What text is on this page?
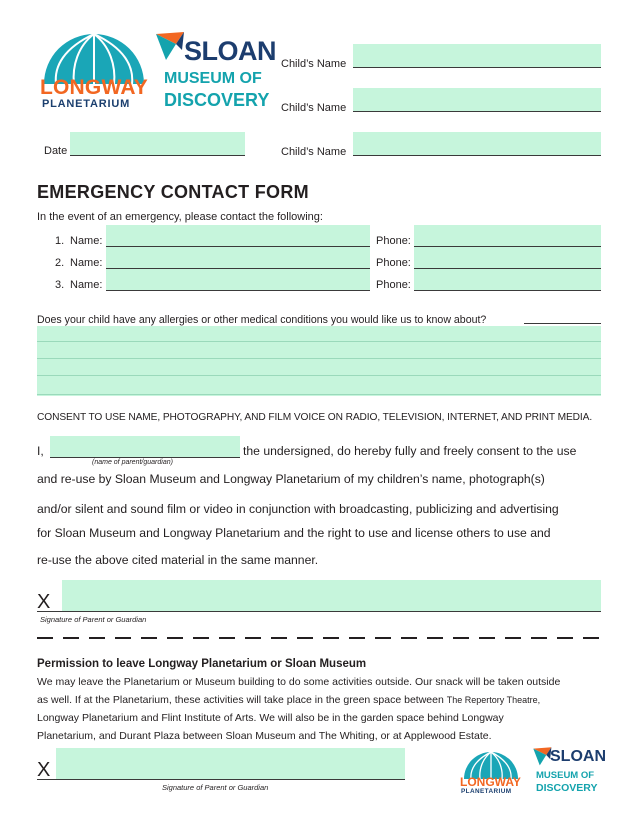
LONGWAY
PLANETARIUM
SLOAN
MUSEUM OF
DISCOVERY
Child’s Name
Child’s Name
Date	Child’s Name
EMERGENCY CONTACT FORM
In the event of an emergency, please contact the following:
1. Name:	Phone:
2. Name:	Phone:
3. Name:	Phone:
Does your child have any allergies or other medical conditions you would like us to know about?
CONSENT TO USE NAME, PHOTOGRAPHY, AND FILM VOICE ON RADIO, TELEVISION, INTERNET, AND PRINT MEDIA.
I,
(name of parent/guardian)
the undersigned, do hereby fully and freely consent to the use
and re-use by Sloan Museum and Longway Planetarium of my children’s name, photograph(s)
and/or silent and sound film or video in conjunction with broadcasting, publicizing and advertising
for Sloan Museum and Longway Planetarium and the right to use and license others to use and
re-use the above cited material in the same manner.
X
Signature of Parent or Guardian
Permission to leave Longway Planetarium or Sloan Museum
We may leave the Planetarium or Museum building to do some activities outside. Our snack will be taken outside
as well. If at the Planetarium, these activities will take place in the green space between The Repertory Theatre,
Longway Planetarium and Flint Institute of Arts. We will also be in the garden space behind Longway
Planetarium, and Durant Plaza between Sloan Museum and The Whiting, or at Applewood Estate.
X
Signature of Parent or Guardian	LONGWAY
PLANETARIUM
SLOAN
MUSEUM OF
DISCOVERY
